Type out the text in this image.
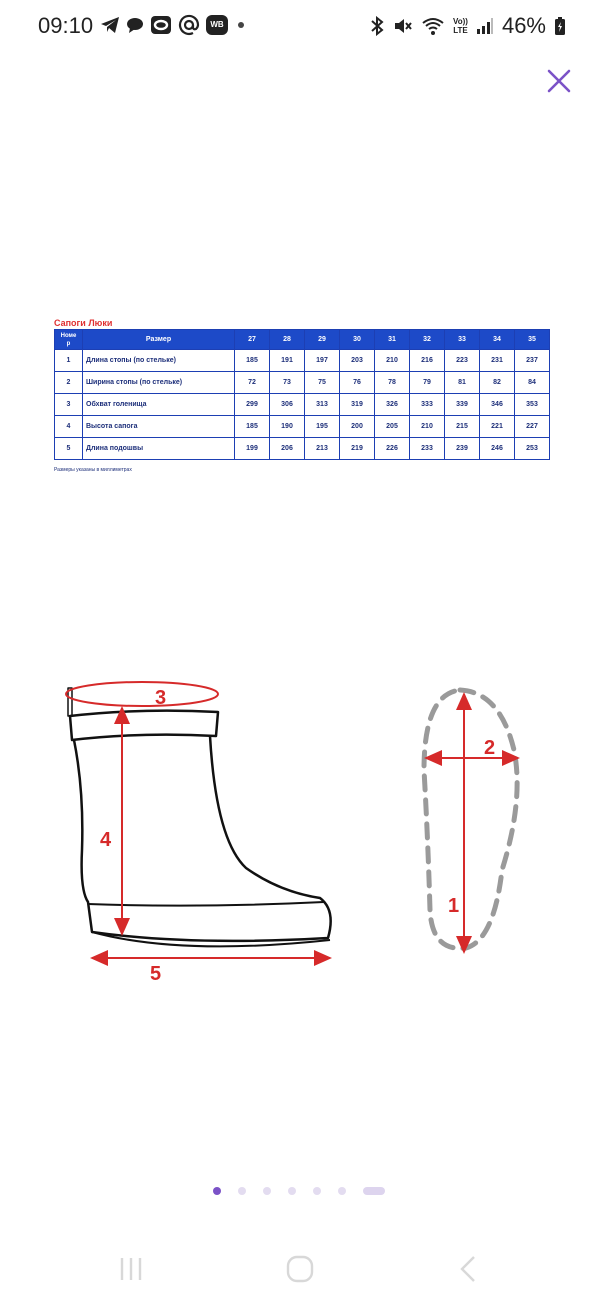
09:10	WB	Vo))
LTE 46%
Сапоги Люки
Номе
р	Размер	27	28	29	30	31	32	33	34	35
1	Длина стопы (по стельке)	185	191	197	203	210	216	223	231	237
2	Ширина стопы (по стельке)	72	73	75	76	78	79	81	82	84
3	Обхват голенища	299	306	313	319	326	333	339	346	353
4	Высота сапога	185	190	195	200	205	210	215	221	227
5	Длина подошвы	199	206	213	219	226	233	239	246	253
Размеры указаны в миллиметрах
1
2
3
4
5
